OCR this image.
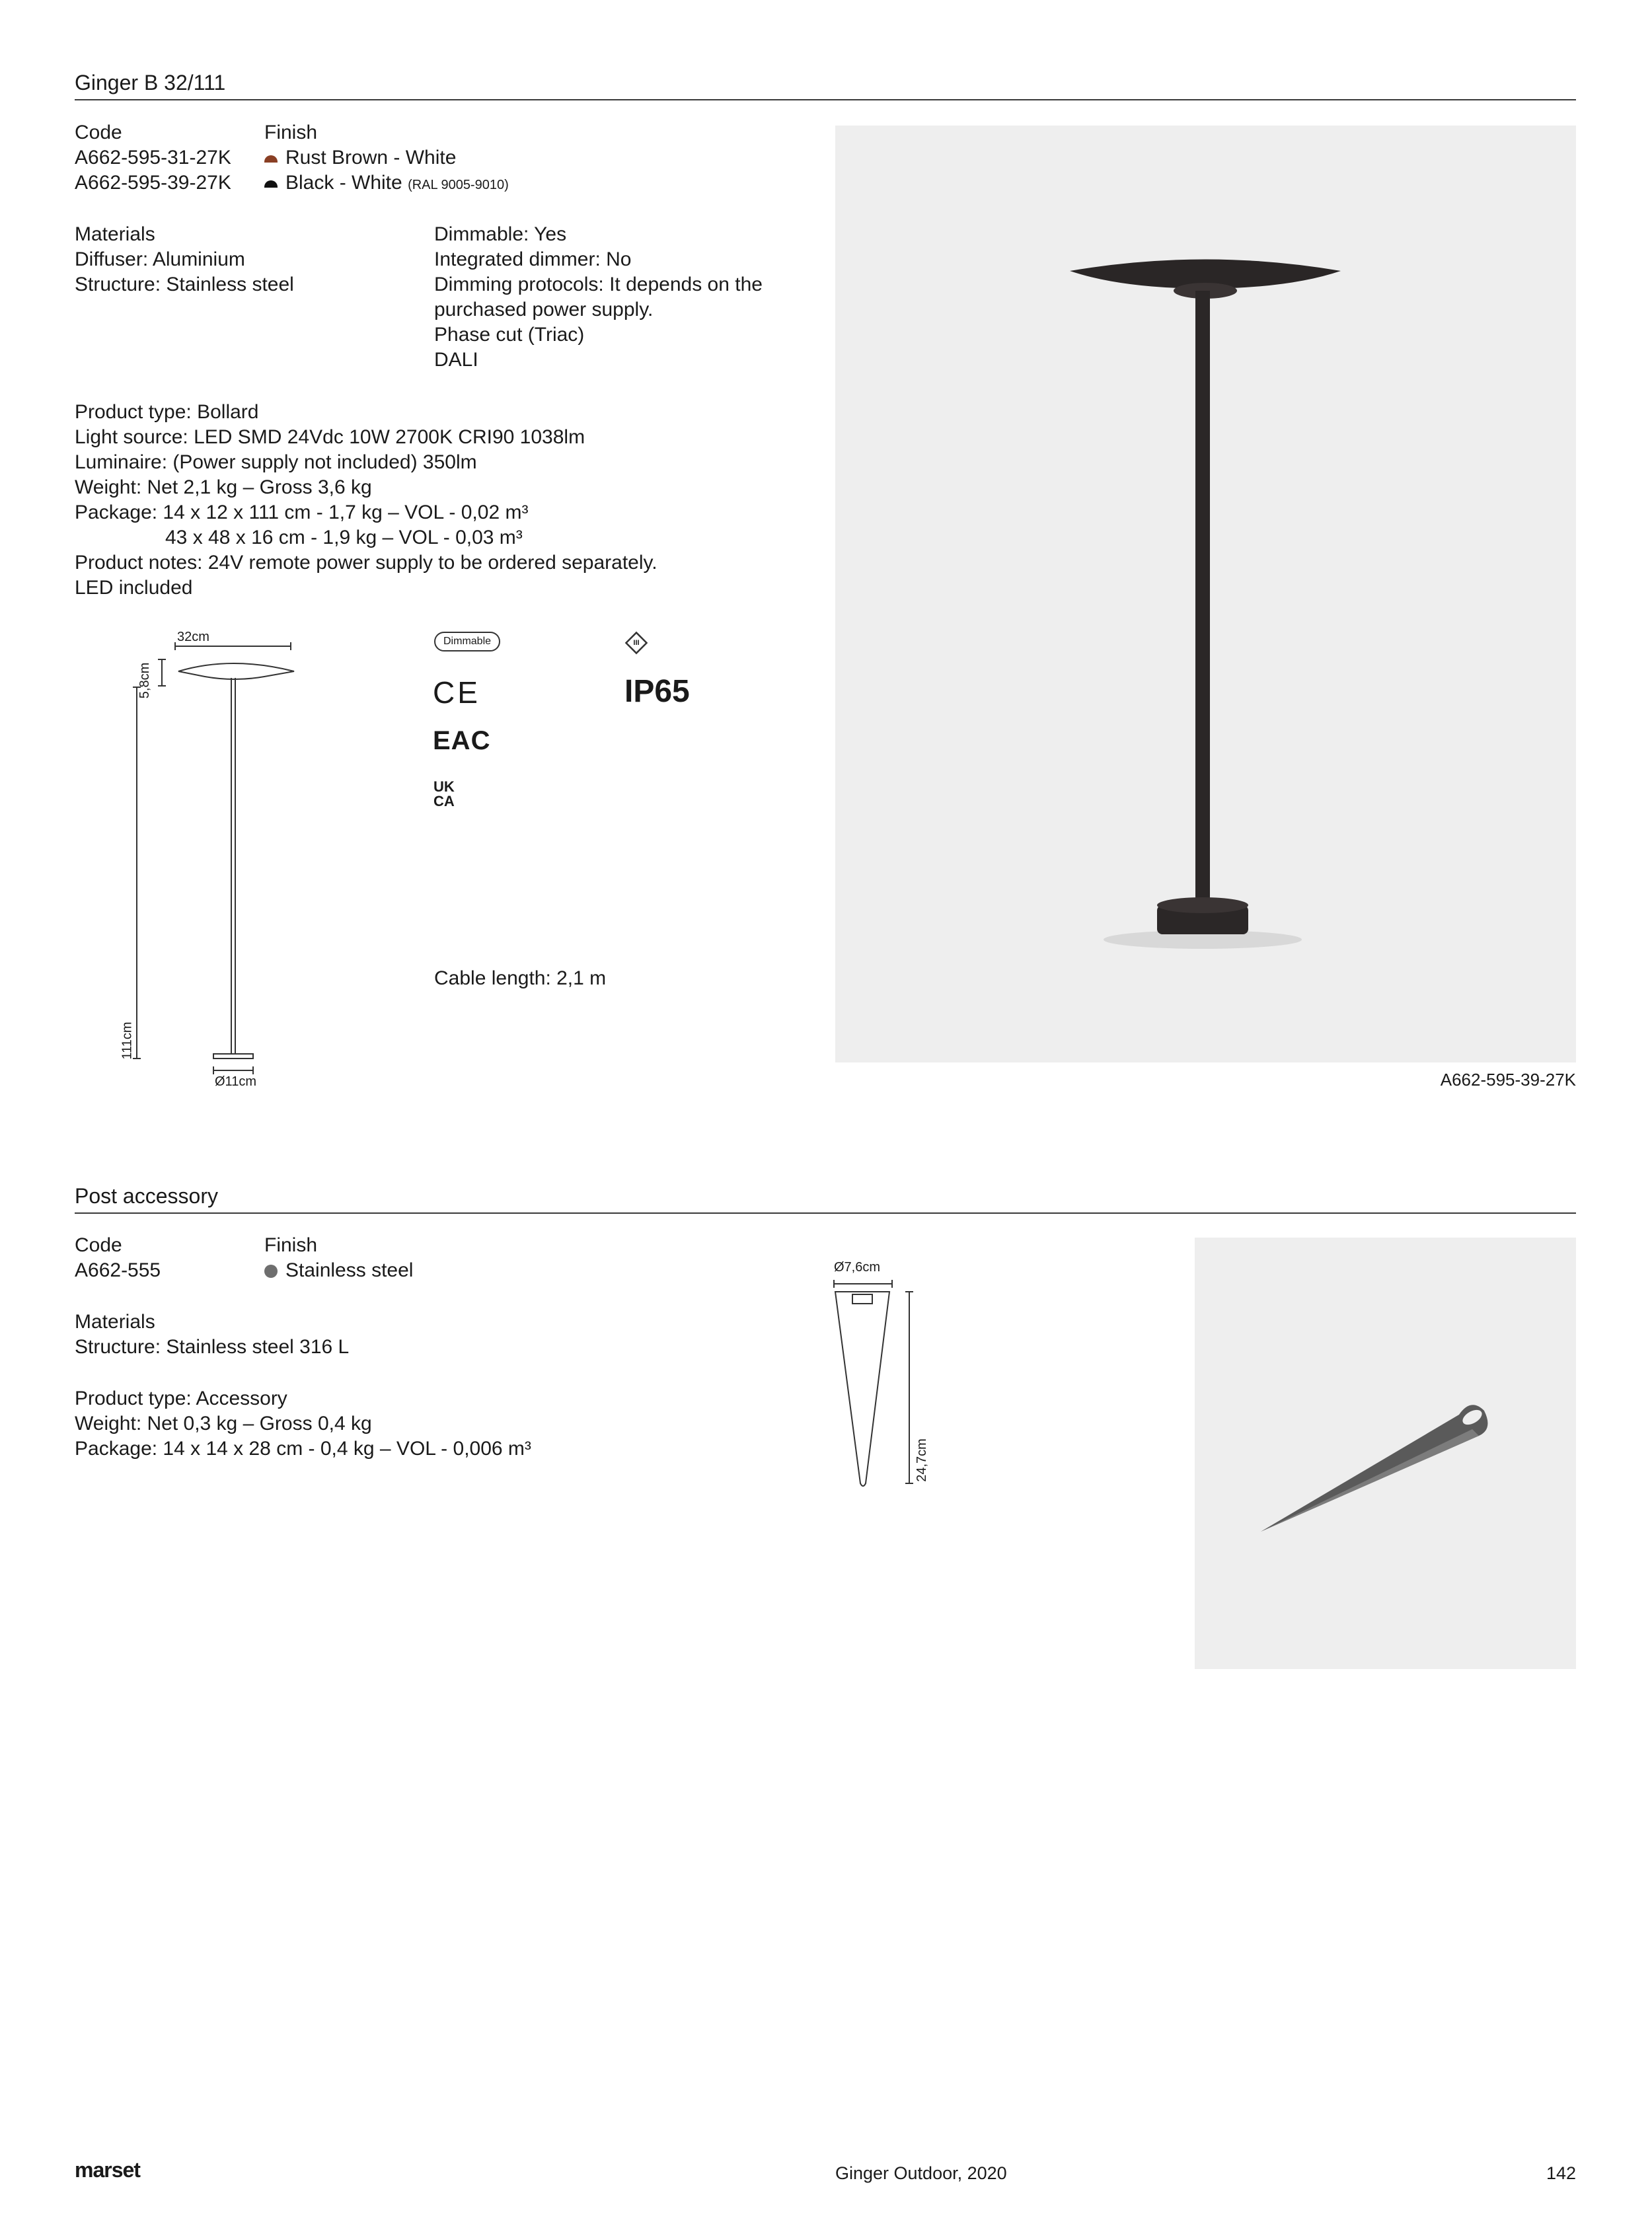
Ginger B 32/111
Code	Finish
A662-595-31-27K	Rust Brown - White
A662-595-39-27K	Black - White (RAL 9005-9010)
Materials
Diffuser: Aluminium
Structure: Stainless steel
Dimmable: Yes
Integrated dimmer: No
Dimming protocols: It depends on the
purchased power supply.
Phase cut (Triac)
DALI
Product type: Bollard
Light source: LED SMD 24Vdc 10W 2700K CRI90 1038lm
Luminaire: (Power supply not included) 350lm
Weight: Net 2,1 kg – Gross 3,6 kg
Package: 14 x 12 x 111 cm - 1,7 kg – VOL - 0,02 m³
43 x 48 x 16 cm - 1,9 kg – VOL - 0,03 m³
Product notes: 24V remote power supply to be ordered separately.
LED included
32cm
5,8cm
111cm
Ø11cm
Dimmable	III
CE	IP65
EAC
UK
CA
Cable length: 2,1 m
A662-595-39-27K
Post accessory
Code	Finish
A662-555	Stainless steel
Materials
Structure: Stainless steel 316 L
Product type: Accessory
Weight: Net 0,3 kg – Gross 0,4 kg
Package: 14 x 14 x 28 cm - 0,4 kg – VOL - 0,006 m³
Ø7,6cm
24,7cm
marset	Ginger Outdoor, 2020	142
